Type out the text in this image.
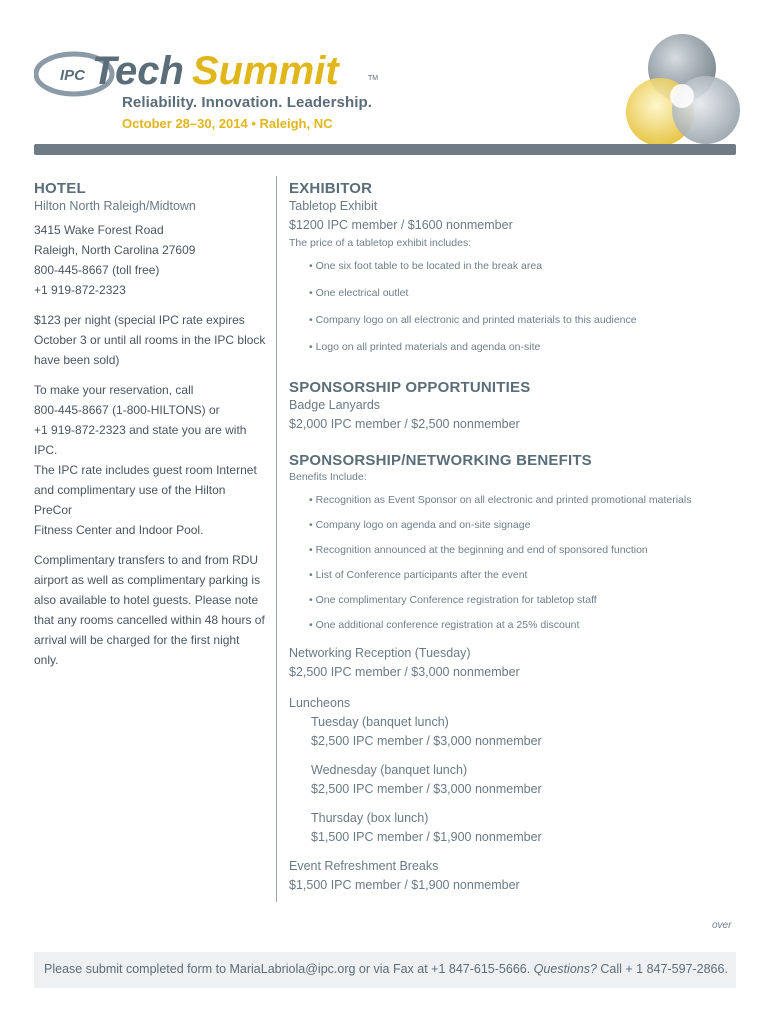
IPC Tech Summit	TM
Reliability. Innovation. Leadership.
October 28–30, 2014 • Raleigh, NC
HOTEL
Hilton North Raleigh/Midtown
3415 Wake Forest Road
Raleigh, North Carolina 27609
800-445-8667 (toll free)
+1 919-872-2323
$123 per night (special IPC rate expires
October 3 or until all rooms in the IPC block
have been sold)
To make your reservation, call
800-445-8667 (1-800-HILTONS) or
+1 919-872-2323 and state you are with IPC.
The IPC rate includes guest room Internet
and complimentary use of the Hilton PreCor
Fitness Center and Indoor Pool.
Complimentary transfers to and from RDU
airport as well as complimentary parking is
also available to hotel guests. Please note
that any rooms cancelled within 48 hours of
arrival will be charged for the first night only.
EXHIBITOR
Tabletop Exhibit
$1200 IPC member / $1600 nonmember
The price of a tabletop exhibit includes:
• One six foot table to be located in the break area
• One electrical outlet
• Company logo on all electronic and printed materials to this audience
• Logo on all printed materials and agenda on-site
SPONSORSHIP OPPORTUNITIES
Badge Lanyards
$2,000 IPC member / $2,500 nonmember
SPONSORSHIP/NETWORKING BENEFITS
Benefits Include:
• Recognition as Event Sponsor on all electronic and printed promotional materials
• Company logo on agenda and on-site signage
• Recognition announced at the beginning and end of sponsored function
• List of Conference participants after the event
• One complimentary Conference registration for tabletop staff
• One additional conference registration at a 25% discount
Networking Reception (Tuesday)
$2,500 IPC member / $3,000 nonmember
Luncheons
Tuesday (banquet lunch)
$2,500 IPC member / $3,000 nonmember
Wednesday (banquet lunch)
$2,500 IPC member / $3,000 nonmember
Thursday (box lunch)
$1,500 IPC member / $1,900 nonmember
Event Refreshment Breaks
$1,500 IPC member / $1,900 nonmember
over
Please submit completed form to MariaLabriola@ipc.org or via Fax at +1 847-615-5666. Questions? Call + 1 847-597-2866.
